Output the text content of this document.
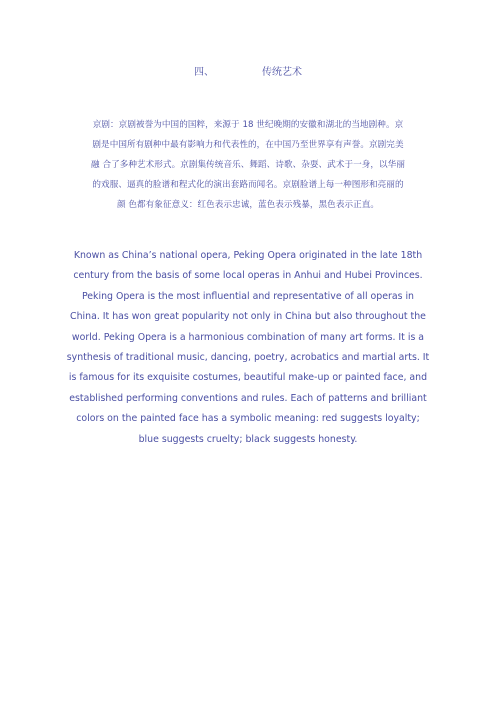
四、	传统艺术
京剧：京剧被誉为中国的国粹，来源于 18 世纪晚期的安徽和湖北的当地剧种。京
剧是中国所有剧种中最有影响力和代表性的，在中国乃至世界享有声誉。京剧完美
融 合了多种艺术形式。京剧集传统音乐、舞蹈、诗歌、杂耍、武术于一身，以华丽
的戏服、逼真的脸谱和程式化的演出套路而闻名。京剧脸谱上每一种图形和亮丽的
颜 色都有象征意义：红色表示忠诚，蓝色表示残暴，黑色表示正直。
Known as China’s national opera, Peking Opera originated in the late 18th
century from the basis of some local operas in Anhui and Hubei Provinces.
Peking Opera is the most influential and representative of all operas in
China. It has won great popularity not only in China but also throughout the
world. Peking Opera is a harmonious combination of many art forms. It is a
synthesis of traditional music, dancing, poetry, acrobatics and martial arts. It
is famous for its exquisite costumes, beautiful make-up or painted face, and
established performing conventions and rules. Each of patterns and brilliant
colors on the painted face has a symbolic meaning: red suggests loyalty;
blue suggests cruelty; black suggests honesty.
